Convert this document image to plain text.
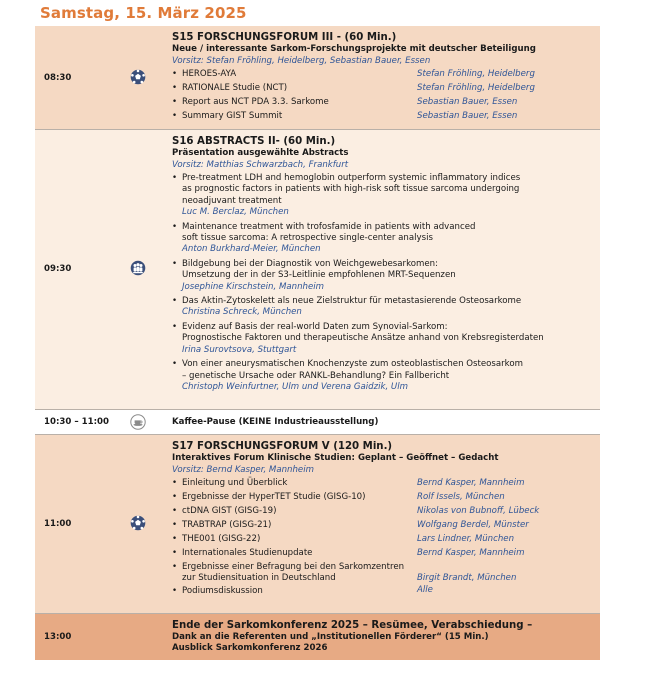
Samstag, 15. März 2025
08:30
S15 FORSCHUNGSFORUM III - (60 Min.)
Neue / interessante Sarkom-Forschungsprojekte mit deutscher Beteiligung
Vorsitz: Stefan Fröhling, Heidelberg, Sebastian Bauer, Essen
• HEROES-AYA	Stefan Fröhling, Heidelberg
• RATIONALE Studie (NCT)	Stefan Fröhling, Heidelberg
• Report aus NCT PDA 3.3. Sarkome	Sebastian Bauer, Essen
• Summary GIST Summit	Sebastian Bauer, Essen
09:30
S16 ABSTRACTS II- (60 Min.)
Präsentation ausgewählte Abstracts
Vorsitz: Matthias Schwarzbach, Frankfurt
• Pre-treatment LDH and hemoglobin outperform systemic inflammatory indices
as prognostic factors in patients with high-risk soft tissue sarcoma undergoing
neoadjuvant treatment
Luc M. Berclaz, München
• Maintenance treatment with trofosfamide in patients with advanced
soft tissue sarcoma: A retrospective single-center analysis
Anton Burkhard-Meier, München
• Bildgebung bei der Diagnostik von Weichgewebesarkomen:
Umsetzung der in der S3-Leitlinie empfohlenen MRT-Sequenzen
Josephine Kirschstein, Mannheim
• Das Aktin-Zytoskelett als neue Zielstruktur für metastasierende Osteosarkome
Christina Schreck, München
• Evidenz auf Basis der real-world Daten zum Synovial-Sarkom:
Prognostische Faktoren und therapeutische Ansätze anhand von Krebsregisterdaten
Irina Surovtsova, Stuttgart
• Von einer aneurysmatischen Knochenzyste zum osteoblastischen Osteosarkom
– genetische Ursache oder RANKL-Behandlung? Ein Fallbericht
Christoph Weinfurtner, Ulm und Verena Gaidzik, Ulm
10:30 – 11:00	Kaffee-Pause (KEINE Industrieausstellung)
11:00
S17 FORSCHUNGSFORUM V (120 Min.)
Interaktives Forum Klinische Studien: Geplant – Geöffnet – Gedacht
Vorsitz: Bernd Kasper, Mannheim
• Einleitung und Überblick	Bernd Kasper, Mannheim
• Ergebnisse der HyperTET Studie (GISG-10)	Rolf Issels, München
• ctDNA GIST (GISG-19)	Nikolas von Bubnoff, Lübeck
• TRABTRAP (GISG-21)	Wolfgang Berdel, Münster
• THE001 (GISG-22)	Lars Lindner, München
• Internationales Studienupdate	Bernd Kasper, Mannheim
• Ergebnisse einer Befragung bei den Sarkomzentren
zur Studiensituation in Deutschland	Birgit Brandt, München
• Podiumsdiskussion	Alle
13:00
Ende der Sarkomkonferenz 2025 – Resümee, Verabschiedung –
Dank an die Referenten und „Institutionellen Förderer“ (15 Min.)
Ausblick Sarkomkonferenz 2026
